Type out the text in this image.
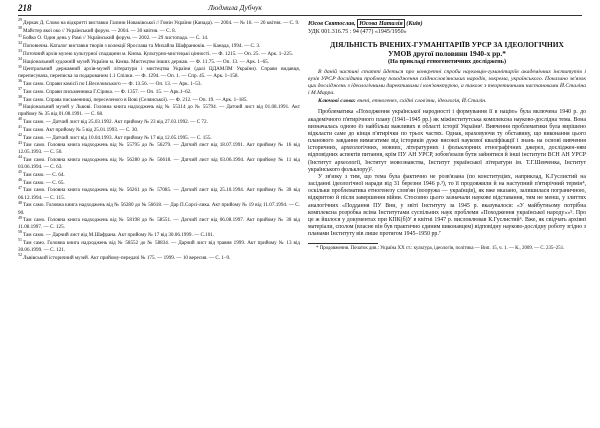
218	Людмила Дубчук

$^{29}$Деркач Д. Слово на відкритті виставки Галини Новаківської // Гомін України (Канада). — 2004. — № 16. — 26 квітня. — С. 9.

$^{30}$Майстер якої око // Український форум. — 2004. — 30 квітня. — С. 8.

$^{31}$Бойко О. Один день у Рамі // Український форум. — 2002. — 29 листопада. — С. 14.

$^{32}$Поповична. Каталог виставки творів з колекції Ярослава та Михайла Шафранюків. — Канада, 1994. — С. 3.

$^{33}$Поточний архів музею культурної спадщини м. Києва. Культурно-мистецькі цінності. — Ф. 1215. — Оп. 25. — Арк. 1–225.

$^{34}$Національний художній музей України м. Києва. Мистецтво інших держав. — Ф. 11.75. — Оп. 13. — Арк. 1–65.

$^{35}$Центральний державний архів-музей літератури і мистецтва України (далі ЦДАМЛМ України). Справи видавця, переписувача, переписка за подарованим 1.1 Спілки. — Ф. 1294. — Оп. 1. — Спр. 45. — Арк. 1–158.

$^{36}$Там само. Справи комісії по І.Веселовського — Ф. 13.56. — Оп. 13. — Арк. 1–53.

$^{37}$Там само. Справи письменника Г.Сірика. — Ф. 1357. — Оп. 15. — Арк.1–62.

$^{38}$Там само. Справа письменниці, переселеного в Вові (Селянської). — Ф. 212. — Оп. 19. — Арк. 1–185.

$^{39}$Національний музей у Львові. Головна книга надходжень від № 55314 до № 55794. — Датчий лист від 01.08.1991. Акт прийому № 35 від 01.08.1991. — С. 68.

$^{40}$Там само. — Датчий лист від 25.03.1992. Акт прийому № 23 від 27.03.1992. — С 72.

$^{41}$Там само. Акт прийому № 5 від 25.01.1993. — С. 30.

$^{42}$Там само. — Датчий лист від 10.04.1993. Акт прийому № 17 від 12.05.1995. — С. 155.

$^{43}$Там само. Головна книга надходжень від № 55795 до № 56279. — Датчий лист від 18.07.1991. Акт прийому № 16 від 12.05.1993. — С. 50.

$^{44}$Там само. Головна книга надходжень від № 56280 до № 56618. — Датчий лист від 03.06.1994. Акт прийому № 11 від 03.06.1994. — С. 63.

$^{45}$Там само. — С. 64.

$^{46}$Там само. — С. 65.

$^{47}$Там само. Головна книга надходжень від № 56261 до № 57085. — Датчий лист від 25.10.1994. Акт прийому № 30 від 06.12.1994. — С. 115.

$^{48}$Там само. Головна книга надходжень від № 56280 до № 56618. — Дар П.Сорсі-лика. Акт прийому № 19 від 11.07.1994. — С. 90.

$^{49}$Там само. Головна книга надходжень від № 58198 до № 58551. — Датчий лист від 06.08.1997. Акт прийому № 30 від 11.08.1997. — С. 125.

$^{50}$Там само. — Дарчий лист від М.Шафрана. Акт прийому № 17 від 30.06.1999. — С.101.

$^{51}$Там само. Головна книга надходжень від № 58552 до № 58834. — Дарчий лист від травня 1999. Акт прийому № 13 від 30.06.1999. — С. 121.

$^{52}$Львівський історичний музей. Акт прийому-передачі № 175. — 1999. — 10 вересня. — С. 1–9.

Юсов Святослав, Юсова Наталія (Київ)
УДК 001.316.75 : 94 (477) «1945/1950»
ДІЯЛЬНІСТЬ ВЧЕНИХ-ГУМАНІТАРІЇВ УРСР ЗА ІДЕОЛОГІЧНИХ УМОВ другої половини 1940-х рр.*
(На прикладі етногенетичних досліджень)

В даній частині статті йдеться про конкретні спроби науковців-гуманітаріїв академічних інститутів і вузів УРСР дослідити проблему походження східнослов'янських народів, зокрема, українського. Показано зв'язок цих досліджень з ідеологічними директивами і кон'юнктурою, а також з теоретичними настановами Й.Сталіна і М.Марра.

Ключові слова: вчені, етногенез, східні слов'яни, ідеологія, Й.Сталін.

Проблематика «Походження української народності і формування її в націю» була включена 1940 р. до академічного п'ятирічного плану (1941–1945 рр.) як міжінститутська комплексна науково-дослідна тема. Вона визначалась одною ёз найбільш важливих в області історії України¹. Вивчення проблематики була вирішено відкласти саме до кінця п'ятирічки по трьох частях. Однак, враховуючи ту обставину, що виконання цього планового завдання вимагатиме від істориків дуже високої наукової кваліфікації і знань на основі вивчення історичних, археологічних, мовних, літературних і фольклорних етнографічних джерел, досліджен-ням відповідних аспектів питання, крім ПУ АН УРСР, зобов'язали бути зайнятися й інші інститути ВСН АН УРСР (Інститут археології, Інститут мовознавства, Інститут української літератури ім. Т.Г.Шевченка, Інститут українського фольклору)².

У зв'язку з тим, що тема була фактично не розв'язана (по конституціях, наприклад, К.Гуслистий на засіданні ідеологічної наради від 31 березня 1946 р.³), то її продовжили й на наступний п'ятирічний термін⁴, оскільки проблематика етногенезу слов'ян (вооружа — українців), як вже вказано, залишилася пограничною, відкритою й після завершення війни. Стосовно цього зазначали наукове відставання, тим не менш, у злиттях аналогічних «Поддання ПУ Вни, у звіті Інституту за 1945 р. вказувалося: «У майбутньому потрібна комплексна розробка всіма Інститутами суспільних наук проблеми «Походження української народу»»⁵. Про це ж йшлося у документах при КПК(б)У в квітні 1947 р. висловлював К.Гуслистий⁶. Вже, як свідчать архівні матеріали, сполом (власне він був практично єдиним виконавцем) відповідну науково-дослідну роботу згідно з планами Інституту вів лише протягом 1945–1950 рр.⁷

* Продовження. Початок див.: Україна XX ст.: культура, ідеологія, політика — Вип. 15, ч. 1. — К., 2009. — С. 235–251.
